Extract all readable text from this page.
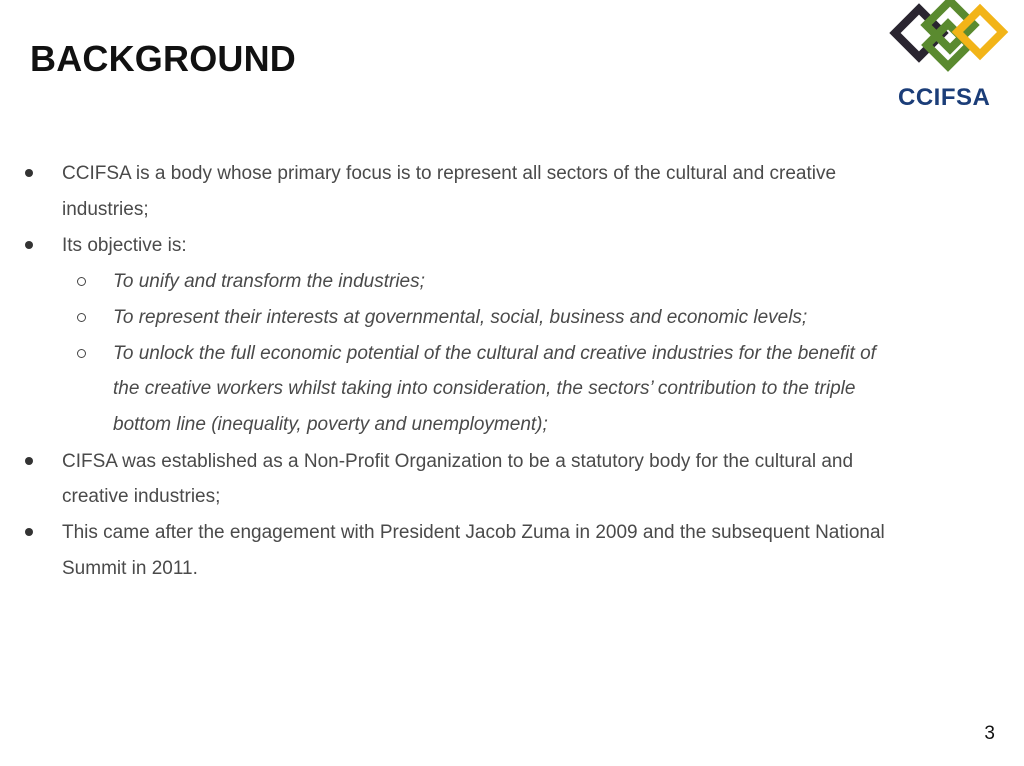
BACKGROUND
CCIFSA
CCIFSA is a body whose primary focus is to represent all sectors of the cultural and creative
industries;
Its objective is:
To unify and transform the industries;
To represent their interests at governmental, social, business and economic levels;
To unlock the full economic potential of the cultural and creative industries for the benefit of
the creative workers whilst taking into consideration, the sectors’ contribution to the triple
bottom line (inequality, poverty and unemployment);
CIFSA was established as a Non-Profit Organization to be a statutory body for the cultural and
creative industries;
This came after the engagement with President Jacob Zuma in 2009 and the subsequent National
Summit in 2011.
3
